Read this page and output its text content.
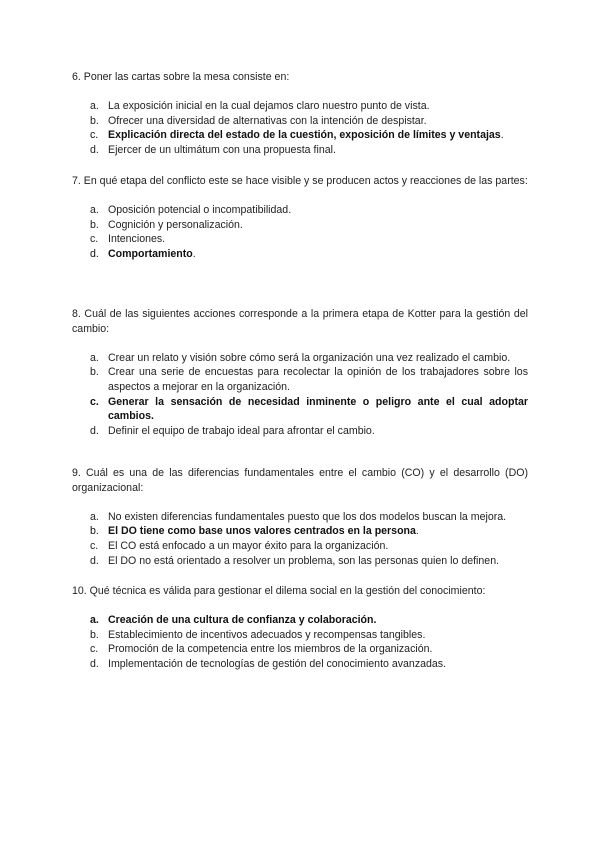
6. Poner las cartas sobre la mesa consiste en:

a. La exposición inicial en la cual dejamos claro nuestro punto de vista.
b. Ofrecer una diversidad de alternativas con la intención de despistar.
c. Explicación directa del estado de la cuestión, exposición de límites y ventajas.
d. Ejercer de un ultimátum con una propuesta final.

7. En qué etapa del conflicto este se hace visible y se producen actos y reacciones de las partes:

a. Oposición potencial o incompatibilidad.
b. Cognición y personalización.
c. Intenciones.
d. Comportamiento.

8. Cuál de las siguientes acciones corresponde a la primera etapa de Kotter para la gestión del cambio:

a. Crear un relato y visión sobre cómo será la organización una vez realizado el cambio.
b. Crear una serie de encuestas para recolectar la opinión de los trabajadores sobre los aspectos a mejorar en la organización.
c. Generar la sensación de necesidad inminente o peligro ante el cual adoptar cambios.
d. Definir el equipo de trabajo ideal para afrontar el cambio.

9. Cuál es una de las diferencias fundamentales entre el cambio (CO) y el desarrollo (DO) organizacional:

a. No existen diferencias fundamentales puesto que los dos modelos buscan la mejora.
b. El DO tiene como base unos valores centrados en la persona.
c. El CO está enfocado a un mayor éxito para la organización.
d. El DO no está orientado a resolver un problema, son las personas quien lo definen.

10. Qué técnica es válida para gestionar el dilema social en la gestión del conocimiento:

a. Creación de una cultura de confianza y colaboración.
b. Establecimiento de incentivos adecuados y recompensas tangibles.
c. Promoción de la competencia entre los miembros de la organización.
d. Implementación de tecnologías de gestión del conocimiento avanzadas.
